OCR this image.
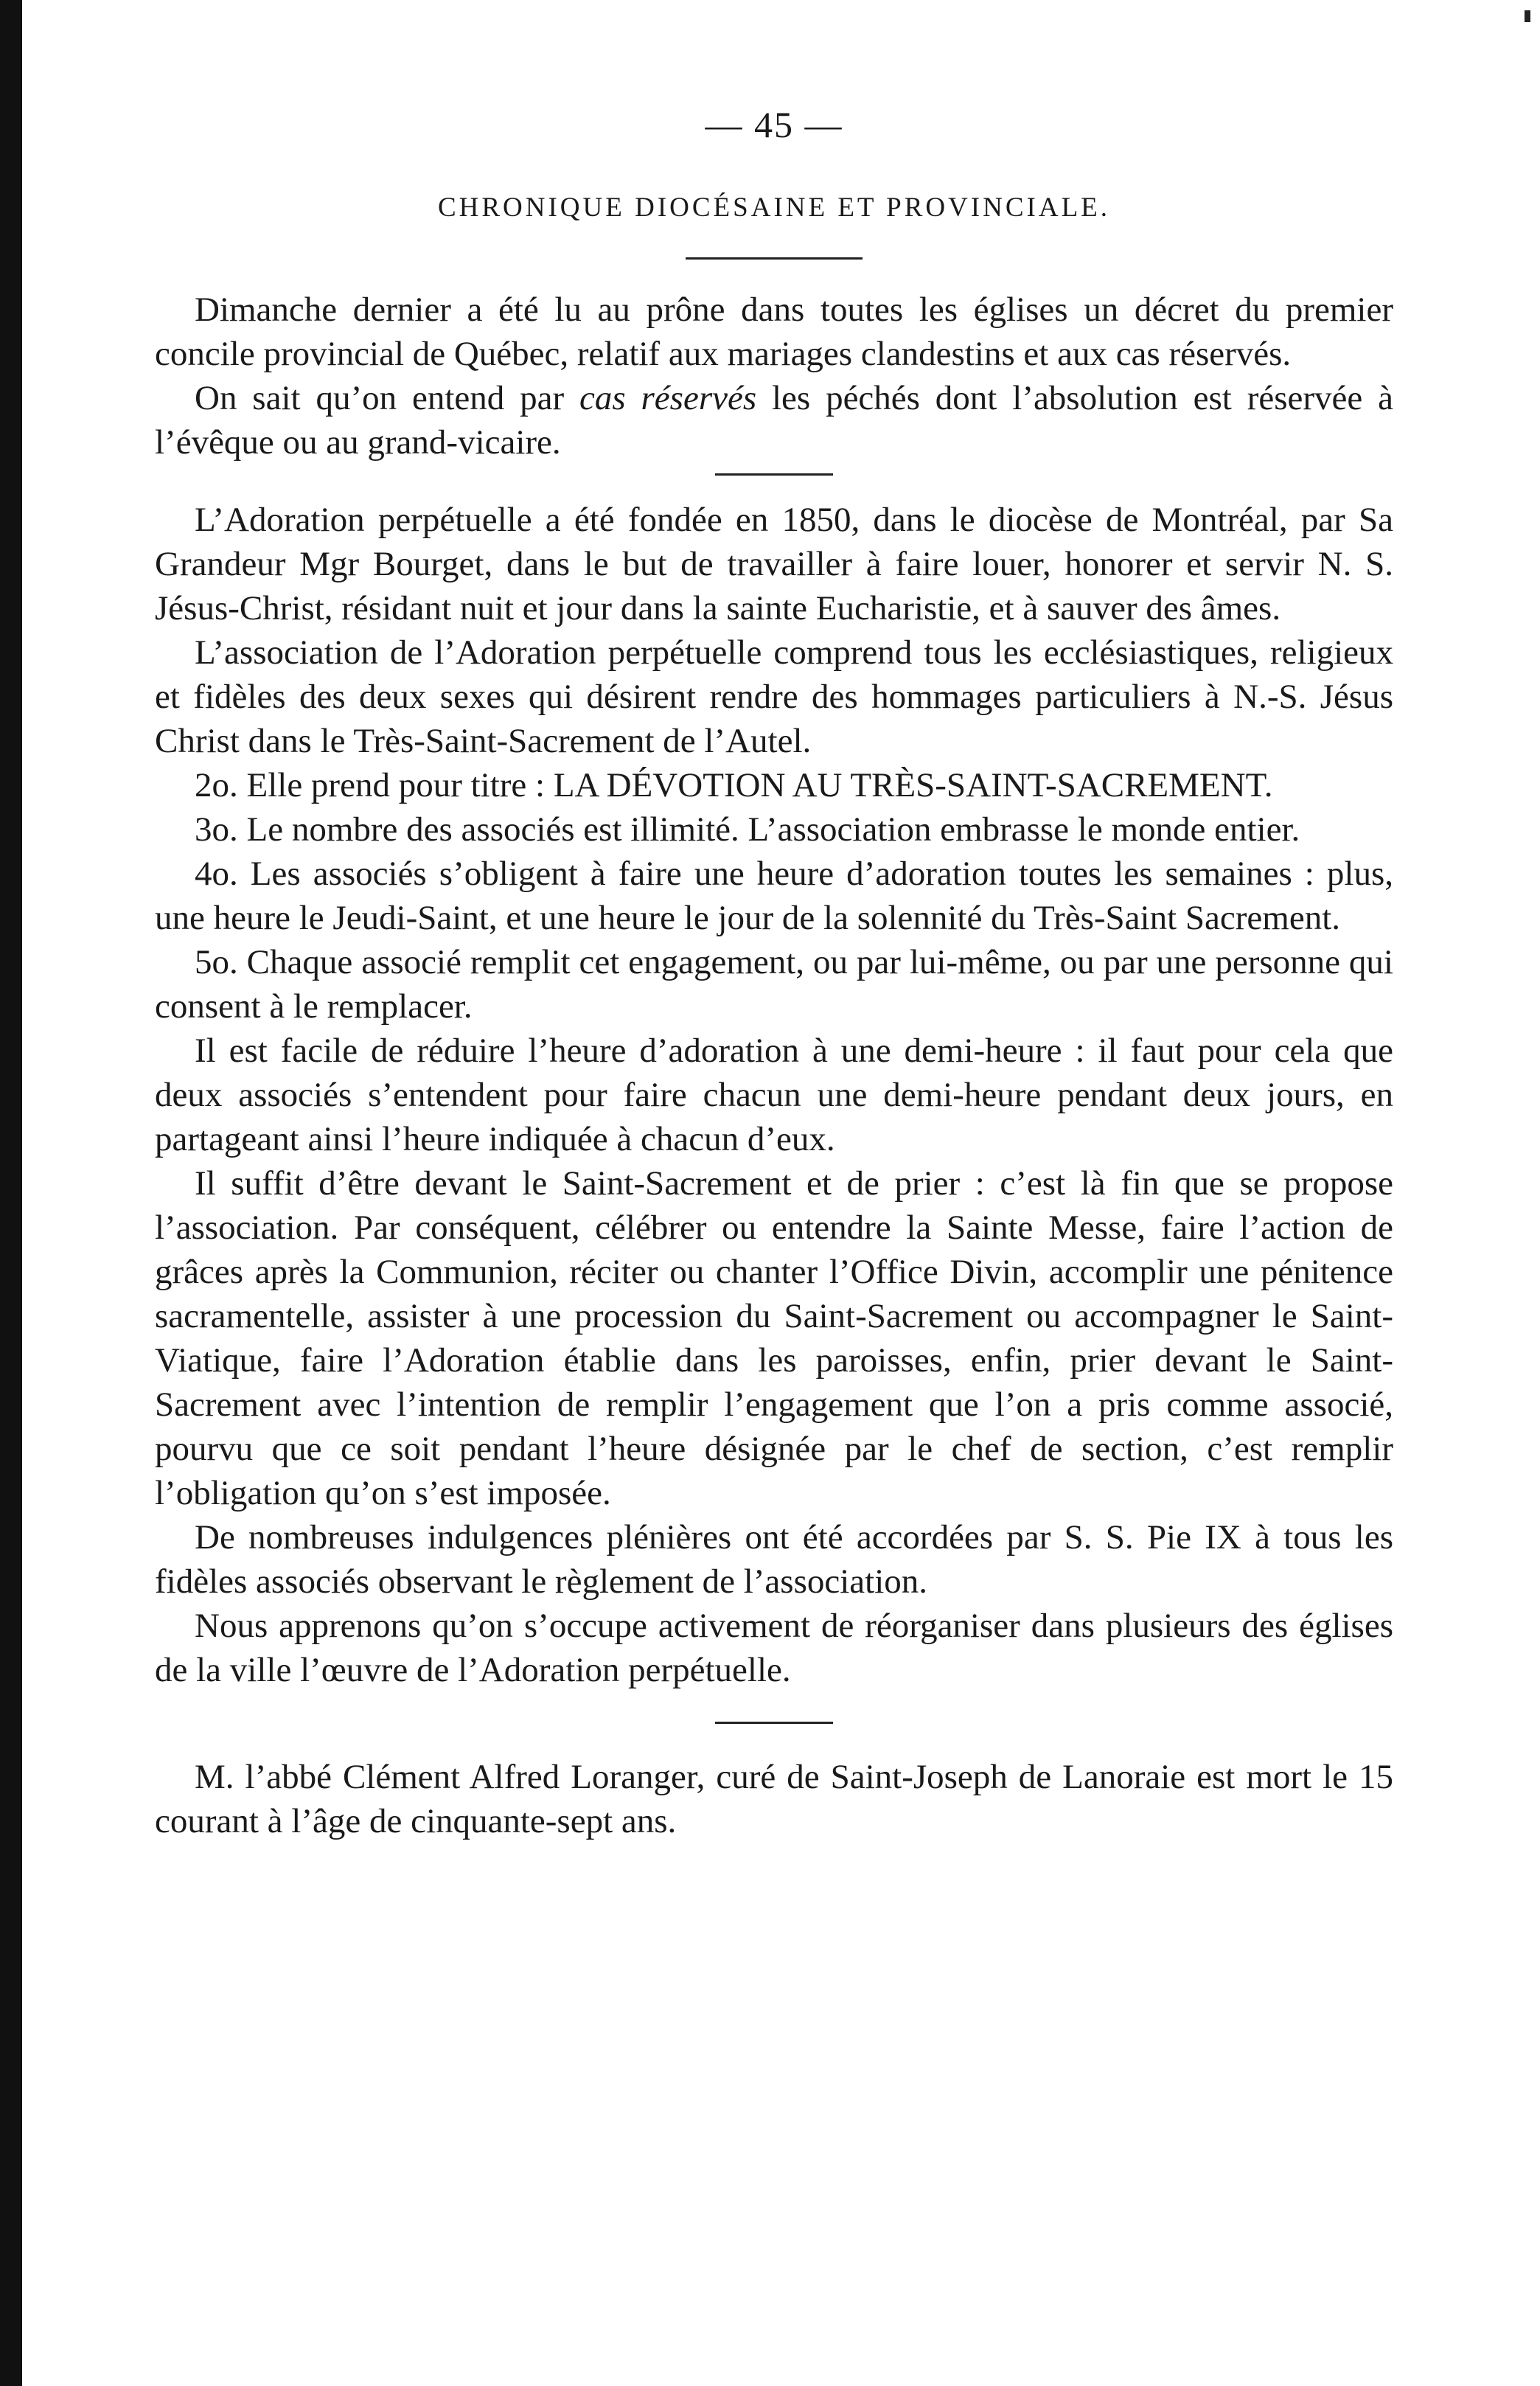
— 45 —
CHRONIQUE DIOCÉSAINE ET PROVINCIALE.

Dimanche dernier a été lu au prône dans toutes les églises un décret du premier concile provincial de Québec, relatif aux mariages clandestins et aux cas réservés.

On sait qu’on entend par cas réservés les péchés dont l’absolution est réservée à l’évêque ou au grand-vicaire.

L’Adoration perpétuelle a été fondée en 1850, dans le diocèse de Montréal, par Sa Grandeur Mgr Bourget, dans le but de travailler à faire louer, honorer et servir N. S. Jésus-Christ, résidant nuit et jour dans la sainte Eucharistie, et à sauver des âmes.

L’association de l’Adoration perpétuelle comprend tous les ecclésiastiques, religieux et fidèles des deux sexes qui désirent rendre des hommages particuliers à N.-S. Jésus Christ dans le Très-Saint-Sacrement de l’Autel.

2o. Elle prend pour titre : LA DÉVOTION AU TRÈS-SAINT-SACREMENT.

3o. Le nombre des associés est illimité. L’association embrasse le monde entier.

4o. Les associés s’obligent à faire une heure d’adoration toutes les semaines : plus, une heure le Jeudi-Saint, et une heure le jour de la solennité du Très-Saint Sacrement.

5o. Chaque associé remplit cet engagement, ou par lui-même, ou par une personne qui consent à le remplacer.

Il est facile de réduire l’heure d’adoration à une demi-heure : il faut pour cela que deux associés s’entendent pour faire chacun une demi-heure pendant deux jours, en partageant ainsi l’heure indiquée à chacun d’eux.

Il suffit d’être devant le Saint-Sacrement et de prier : c’est là fin que se propose l’association. Par conséquent, célébrer ou entendre la Sainte Messe, faire l’action de grâces après la Communion, réciter ou chanter l’Office Divin, accomplir une pénitence sacramentelle, assister à une procession du Saint-Sacrement ou accompagner le Saint-Viatique, faire l’Adoration établie dans les paroisses, enfin, prier devant le Saint-Sacrement avec l’intention de remplir l’engagement que l’on a pris comme associé, pourvu que ce soit pendant l’heure désignée par le chef de section, c’est remplir l’obligation qu’on s’est imposée.

De nombreuses indulgences plénières ont été accordées par S. S. Pie IX à tous les fidèles associés observant le règlement de l’association.

Nous apprenons qu’on s’occupe activement de réorganiser dans plusieurs des églises de la ville l’œuvre de l’Adoration perpétuelle.

M. l’abbé Clément Alfred Loranger, curé de Saint-Joseph de Lanoraie est mort le 15 courant à l’âge de cinquante-sept ans.
